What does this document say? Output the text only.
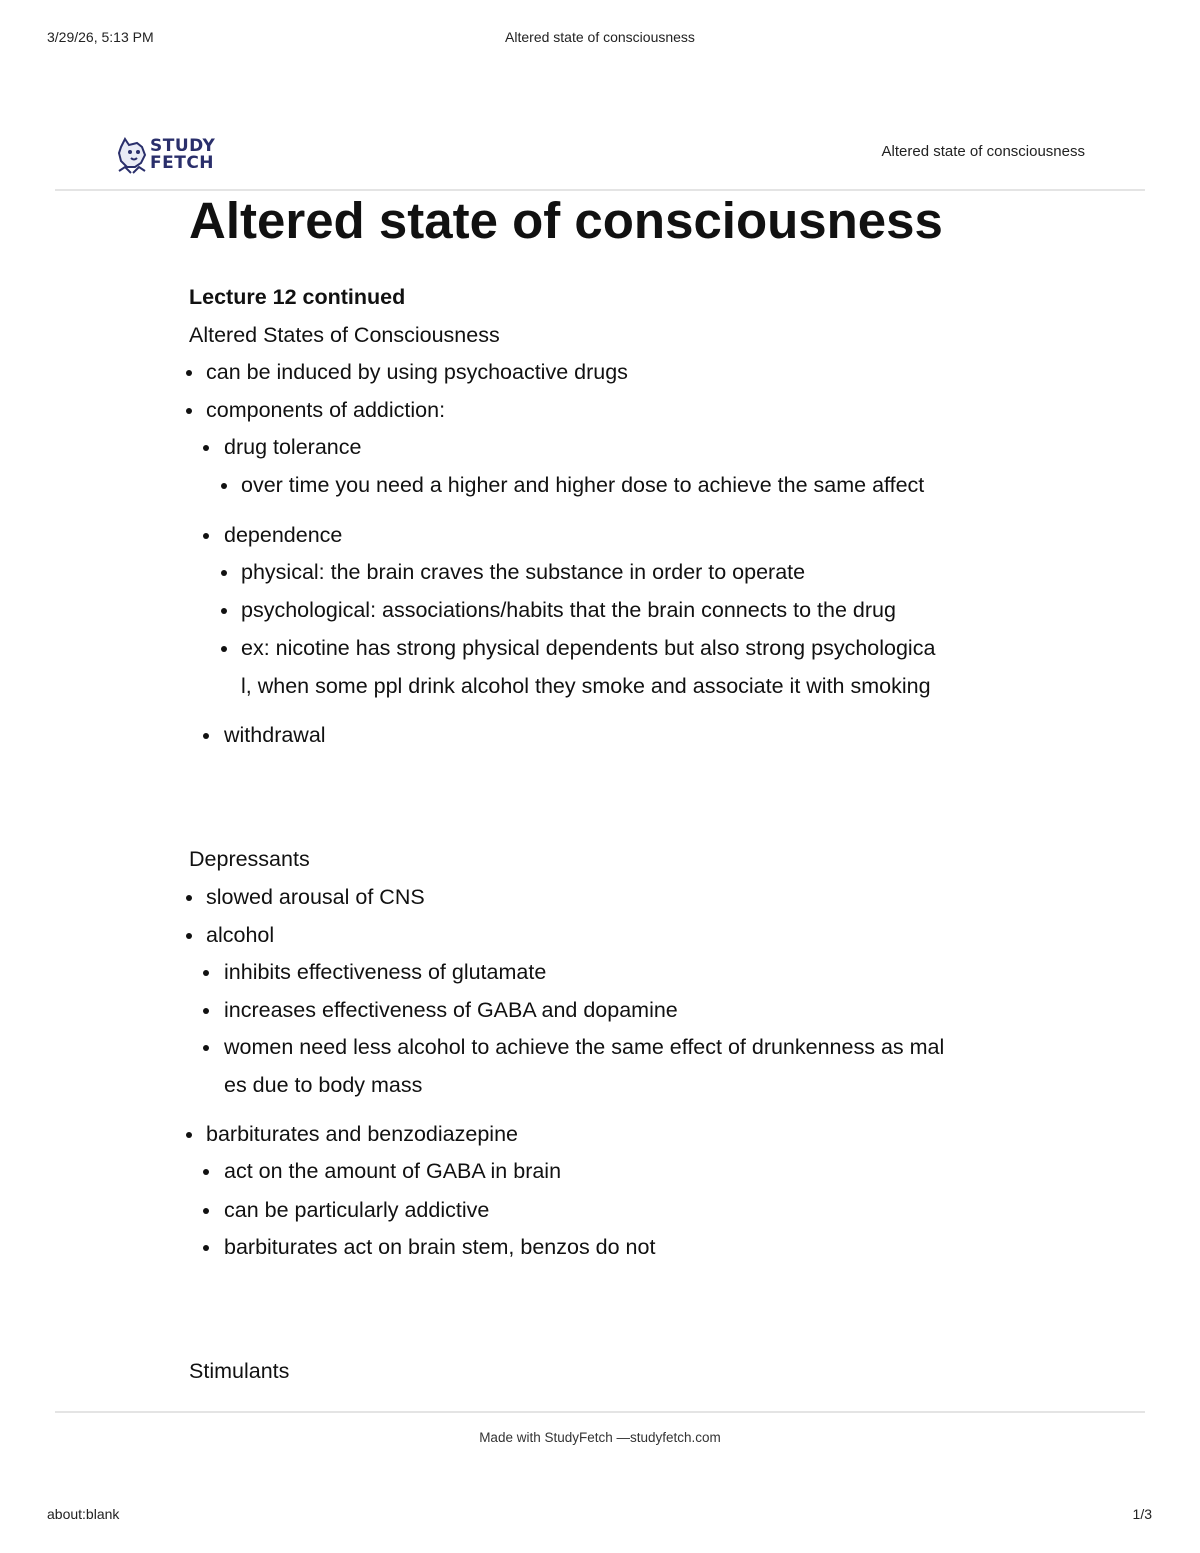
3/29/26, 5:13 PM	Altered state of consciousness
STUDY
FETCH
Altered state of consciousness
Altered state of consciousness
Lecture 12 continued
Altered States of Consciousness
can be induced by using psychoactive drugs
components of addiction:
drug tolerance
over time you need a higher and higher dose to achieve the same affect
dependence
physical: the brain craves the substance in order to operate
psychological: associations/habits that the brain connects to the drug
ex: nicotine has strong physical dependents but also strong psychologica
l, when some ppl drink alcohol they smoke and associate it with smoking
withdrawal
Depressants
slowed arousal of CNS
alcohol
inhibits effectiveness of glutamate
increases effectiveness of GABA and dopamine
women need less alcohol to achieve the same effect of drunkenness as mal
es due to body mass
barbiturates and benzodiazepine
act on the amount of GABA in brain
can be particularly addictive
barbiturates act on brain stem, benzos do not
Stimulants
Made with StudyFetch —studyfetch.com
about:blank	1/3
